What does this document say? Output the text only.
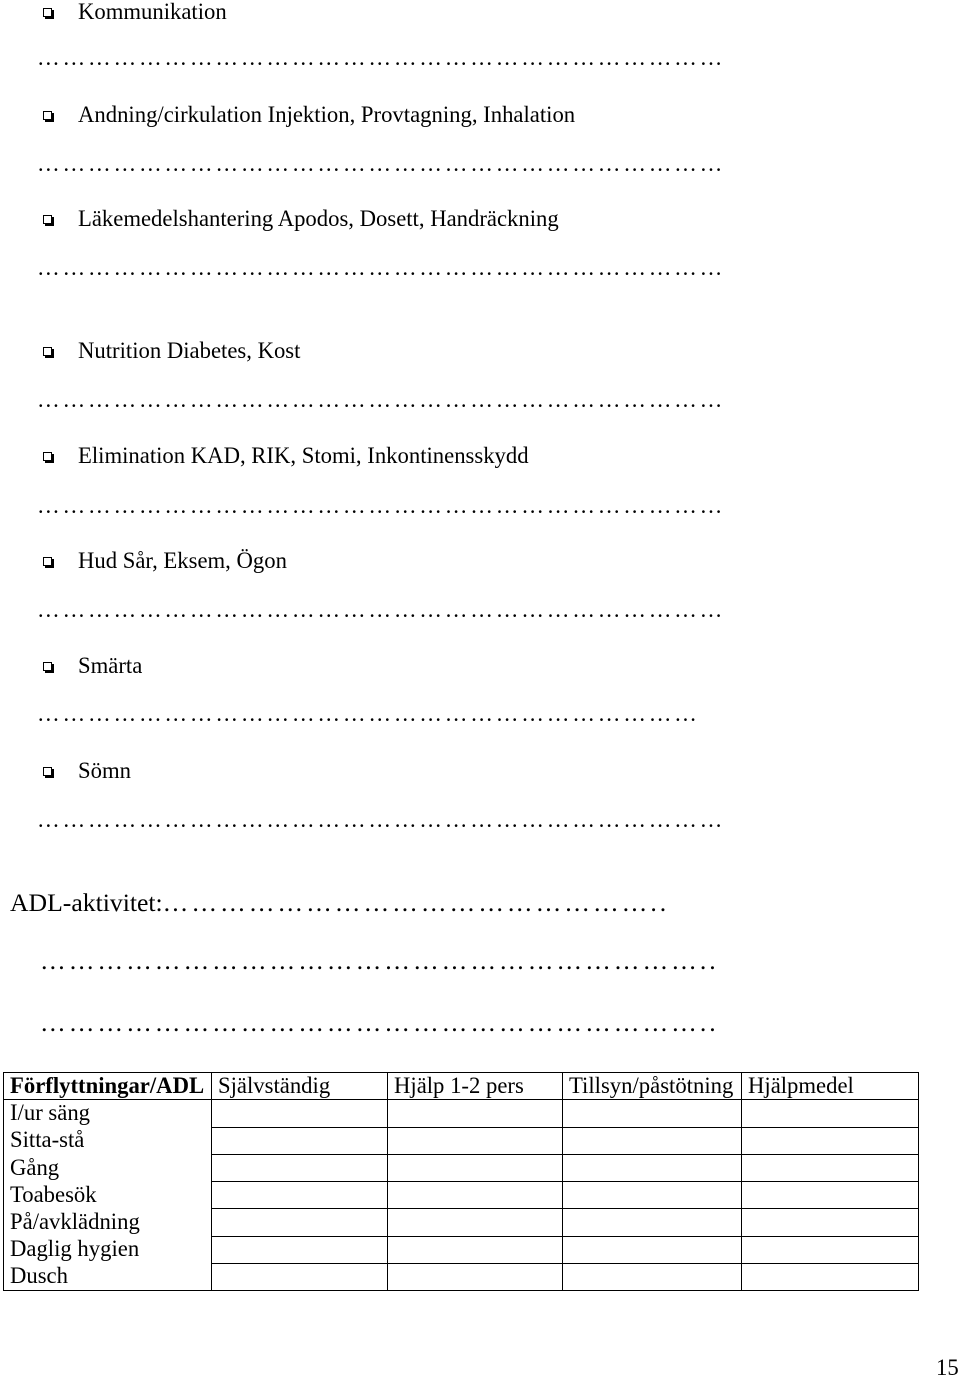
Kommunikation
………………………………………………………………………
Andning/cirkulation Injektion, Provtagning, Inhalation
………………………………………………………………………
Läkemedelshantering Apodos, Dosett, Handräckning
………………………………………………………………………
Nutrition Diabetes, Kost
………………………………………………………………………
Elimination KAD, RIK, Stomi, Inkontinensskydd
………………………………………………………………………
Hud Sår, Eksem, Ögon
………………………………………………………………………
Smärta
……………………………………………………………………
Sömn
………………………………………………………………………
ADL-aktivitet:……………………………………………..
……………………………………………………………..
……………………………………………………………..
Förflyttningar/ADL	Självständig	Hjälp 1-2 pers	Tillsyn/påstötning	Hjälpmedel
I/ur säng				
Sitta-stå				
Gång				
Toabesök				
På/avklädning				
Daglig hygien				
Dusch				
15
